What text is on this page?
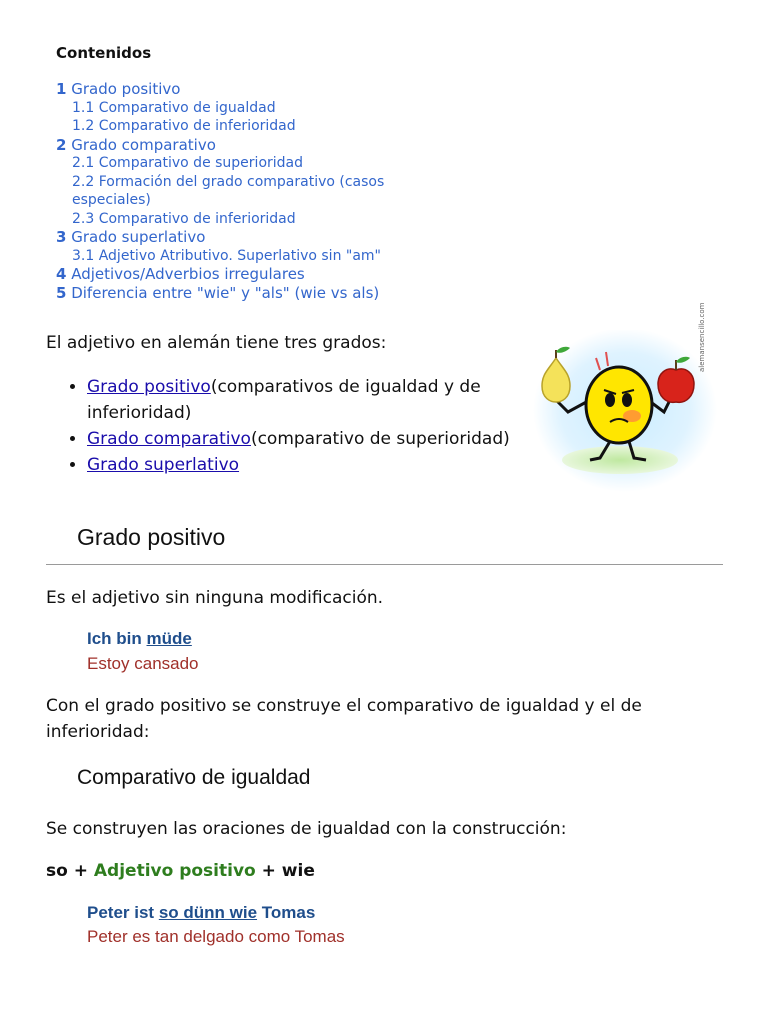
Contenidos
1 Grado positivo
1.1 Comparativo de igualdad
1.2 Comparativo de inferioridad
2 Grado comparativo
2.1 Comparativo de superioridad
2.2 Formación del grado comparativo (casos especiales)
2.3 Comparativo de inferioridad
3 Grado superlativo
3.1 Adjetivo Atributivo. Superlativo sin "am"
4 Adjetivos/Adverbios irregulares
5 Diferencia entre "wie" y "als" (wie vs als)

El adjetivo en alemán tiene tres grados:

• Grado positivo(comparativos de igualdad y de inferioridad)
• Grado comparativo(comparativo de superioridad)
• Grado superlativo
alemansencillo.com
Grado positivo

Es el adjetivo sin ninguna modificación.

Ich bin müde
Estoy cansado

Con el grado positivo se construye el comparativo de igualdad y el de inferioridad:

Comparativo de igualdad

Se construyen las oraciones de igualdad con la construcción:

so + Adjetivo positivo + wie

Peter ist so dünn wie Tomas
Peter es tan delgado como Tomas
